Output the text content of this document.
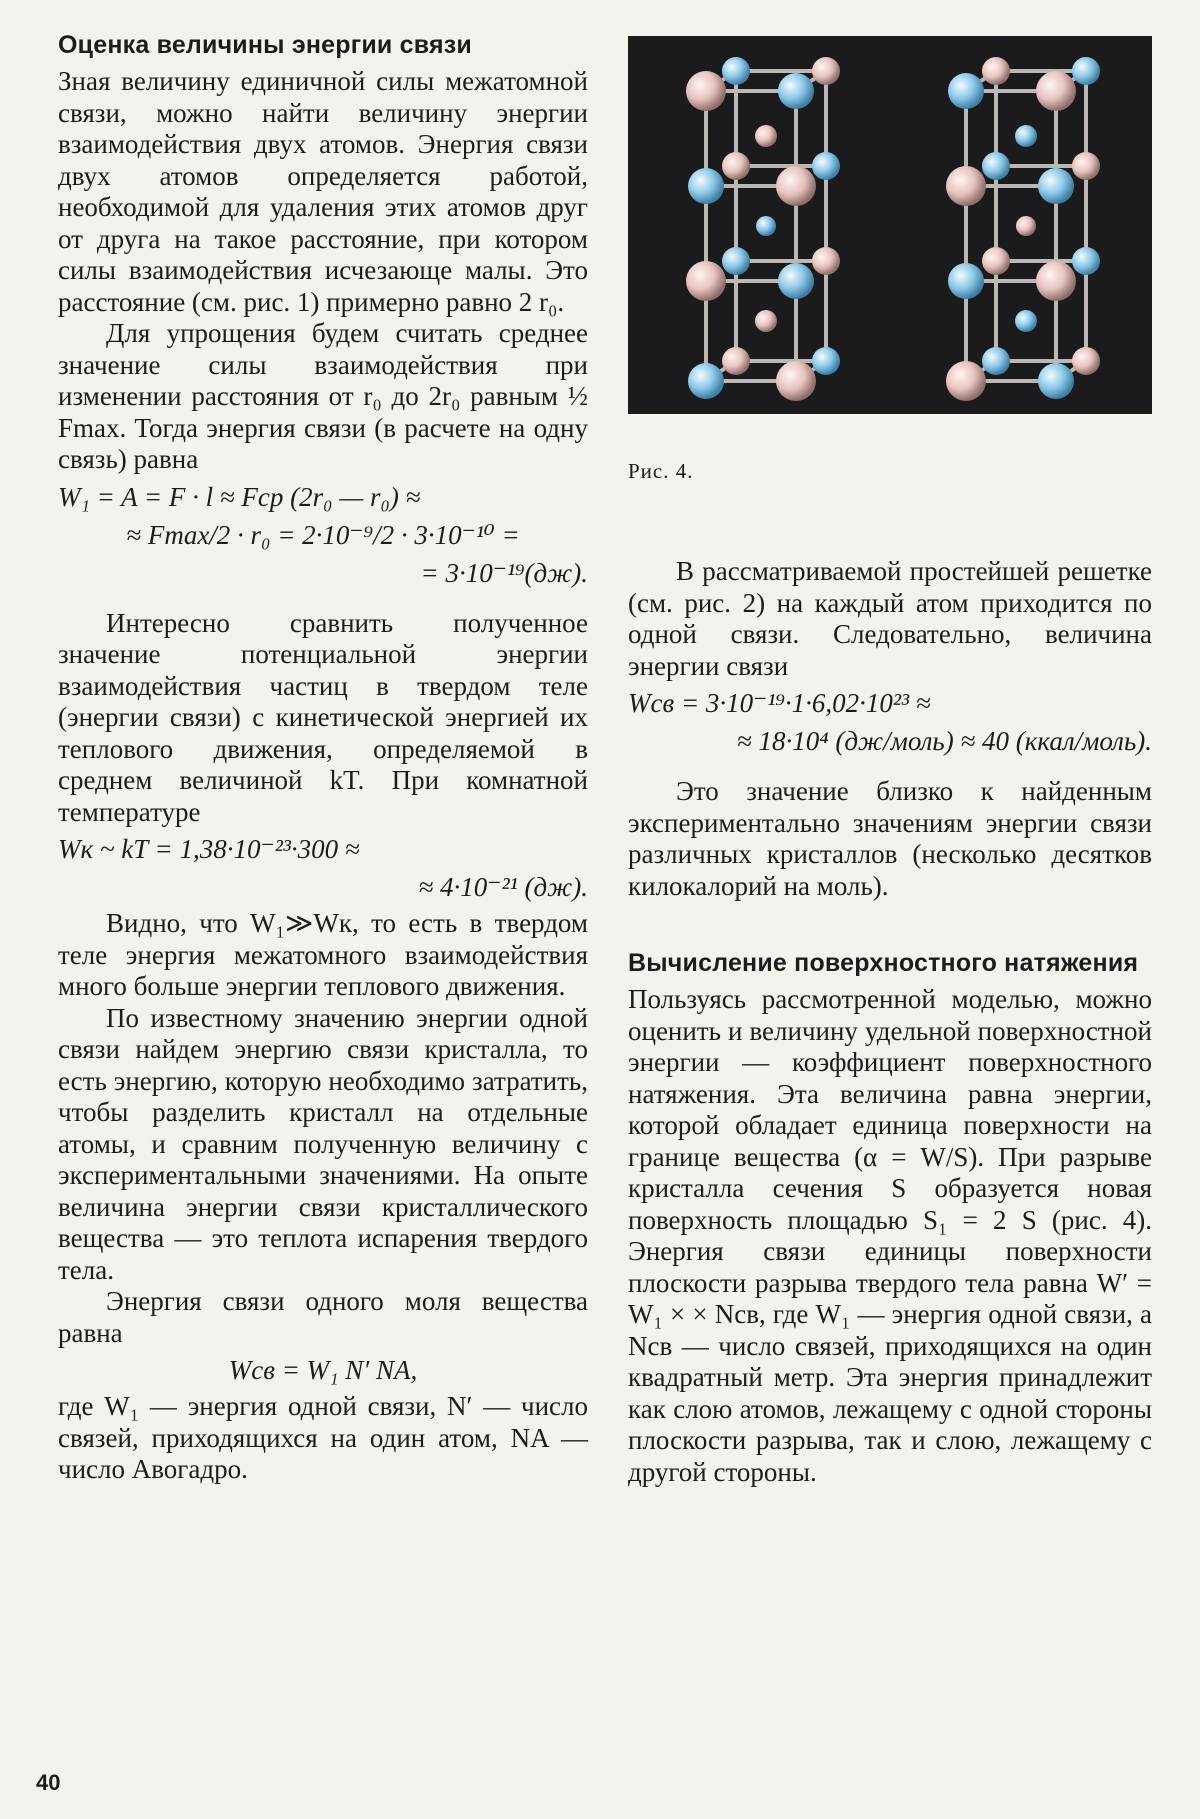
Оценка величины энергии связи

Зная величину единичной силы межатомной связи, можно найти величину энергии взаимодействия двух атомов. Энергия связи двух атомов определяется работой, необходимой для удаления этих атомов друг от друга на такое расстояние, при котором силы взаимодействия исчезающе малы. Это расстояние (см. рис. 1) примерно равно 2 r₀.

Для упрощения будем считать среднее значение силы взаимодействия при изменении расстояния от r₀ до 2r₀ равным ½ Fmax. Тогда энергия связи (в расчете на одну связь) равна

W₁ = A = F · l ≈ Fср (2r₀ — r₀) ≈
≈ Fmax/2 · r₀ = 2·10⁻⁹/2 · 3·10⁻¹⁰ =
= 3·10⁻¹⁹(дж).

Интересно сравнить полученное значение потенциальной энергии взаимодействия частиц в твердом теле (энергии связи) с кинетической энергией их теплового движения, определяемой в среднем величиной kT. При комнатной температуре

Wк ~ kT = 1,38·10⁻²³·300 ≈
≈ 4·10⁻²¹ (дж).

Видно, что W₁≫Wк, то есть в твердом теле энергия межатомного взаимодействия много больше энергии теплового движения.

По известному значению энергии одной связи найдем энергию связи кристалла, то есть энергию, которую необходимо затратить, чтобы разделить кристалл на отдельные атомы, и сравним полученную величину с экспериментальными значениями. На опыте величина энергии связи кристаллического вещества — это теплота испарения твердого тела.

Энергия связи одного моля вещества равна

Wсв = W₁ N′ NA,

где W₁ — энергия одной связи, N′ — число связей, приходящихся на один атом, NA — число Авогадро.

Рис. 4.

В рассматриваемой простейшей решетке (см. рис. 2) на каждый атом приходится по одной связи. Следовательно, величина энергии связи

Wсв = 3·10⁻¹⁹·1·6,02·10²³ ≈
≈ 18·10⁴ (дж/моль) ≈ 40 (ккал/моль).

Это значение близко к найденным экспериментально значениям энергии связи различных кристаллов (несколько десятков килокалорий на моль).

Вычисление поверхностного натяжения

Пользуясь рассмотренной моделью, можно оценить и величину удельной поверхностной энергии — коэффициент поверхностного натяжения. Эта величина равна энергии, которой обладает единица поверхности на границе вещества (α = W/S). При разрыве кристалла сечения S образуется новая поверхность площадью S₁ = 2 S (рис. 4). Энергия связи единицы поверхности плоскости разрыва твердого тела равна W′ = W₁ × × Nсв, где W₁ — энергия одной связи, а Nсв — число связей, приходящихся на один квадратный метр. Эта энергия принадлежит как слою атомов, лежащему с одной стороны плоскости разрыва, так и слою, лежащему с другой стороны.

40
